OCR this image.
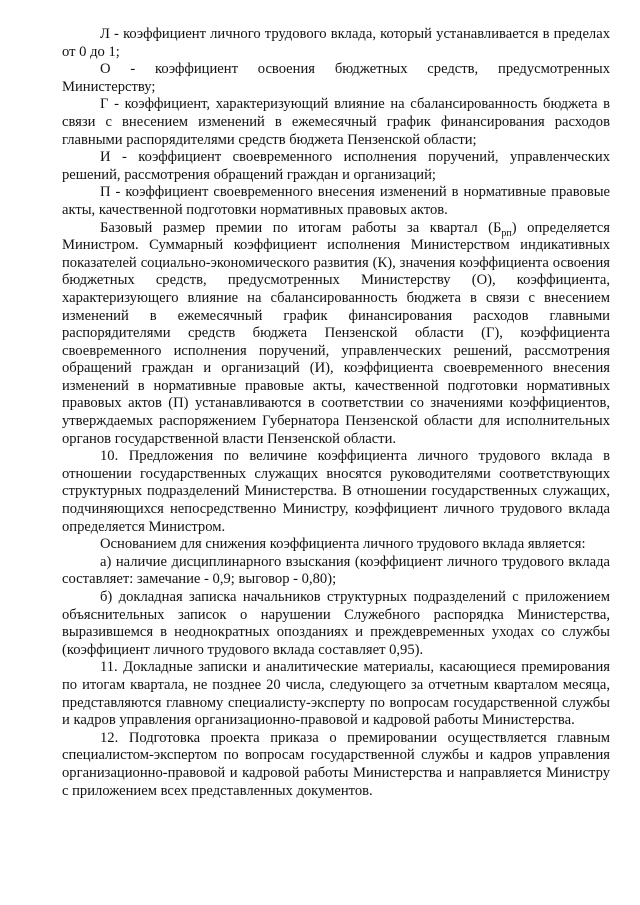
Л - коэффициент личного трудового вклада, который устанавливается в пределах от 0 до 1;

О - коэффициент освоения бюджетных средств, предусмотренных Министерству;

Г - коэффициент, характеризующий влияние на сбалансированность бюджета в связи с внесением изменений в ежемесячный график финансирования расходов главными распорядителями средств бюджета Пензенской области;

И - коэффициент своевременного исполнения поручений, управленческих решений, рассмотрения обращений граждан и организаций;

П - коэффициент своевременного внесения изменений в нормативные правовые акты, качественной подготовки нормативных правовых актов.

Базовый размер премии по итогам работы за квартал $(Б_{рп})$ определяется Министром. Суммарный коэффициент исполнения Министерством индикативных показателей социально-экономического развития (К), значения коэффициента освоения бюджетных средств, предусмотренных Министерству (О), коэффициента, характеризующего влияние на сбалансированность бюджета в связи с внесением изменений в ежемесячный график финансирования расходов главными распорядителями средств бюджета Пензенской области (Г), коэффициента своевременного исполнения поручений, управленческих решений, рассмотрения обращений граждан и организаций (И), коэффициента своевременного внесения изменений в нормативные правовые акты, качественной подготовки нормативных правовых актов (П) устанавливаются в соответствии со значениями коэффициентов, утверждаемых распоряжением Губернатора Пензенской области для исполнительных органов государственной власти Пензенской области.

10. Предложения по величине коэффициента личного трудового вклада в отношении государственных служащих вносятся руководителями соответствующих структурных подразделений Министерства. В отношении государственных служащих, подчиняющихся непосредственно Министру, коэффициент личного трудового вклада определяется Министром.

Основанием для снижения коэффициента личного трудового вклада является:

а) наличие дисциплинарного взыскания (коэффициент личного трудового вклада составляет: замечание - 0,9; выговор - 0,80);

б) докладная записка начальников структурных подразделений с приложением объяснительных записок о нарушении Служебного распорядка Министерства, выразившемся в неоднократных опозданиях и преждевременных уходах со службы (коэффициент личного трудового вклада составляет 0,95).

11. Докладные записки и аналитические материалы, касающиеся премирования по итогам квартала, не позднее 20 числа, следующего за отчетным кварталом месяца, представляются главному специалисту-эксперту по вопросам государственной службы и кадров управления организационно-правовой и кадровой работы Министерства.

12. Подготовка проекта приказа о премировании осуществляется главным специалистом-экспертом по вопросам государственной службы и кадров управления организационно-правовой и кадровой работы Министерства и направляется Министру с приложением всех представленных документов.
